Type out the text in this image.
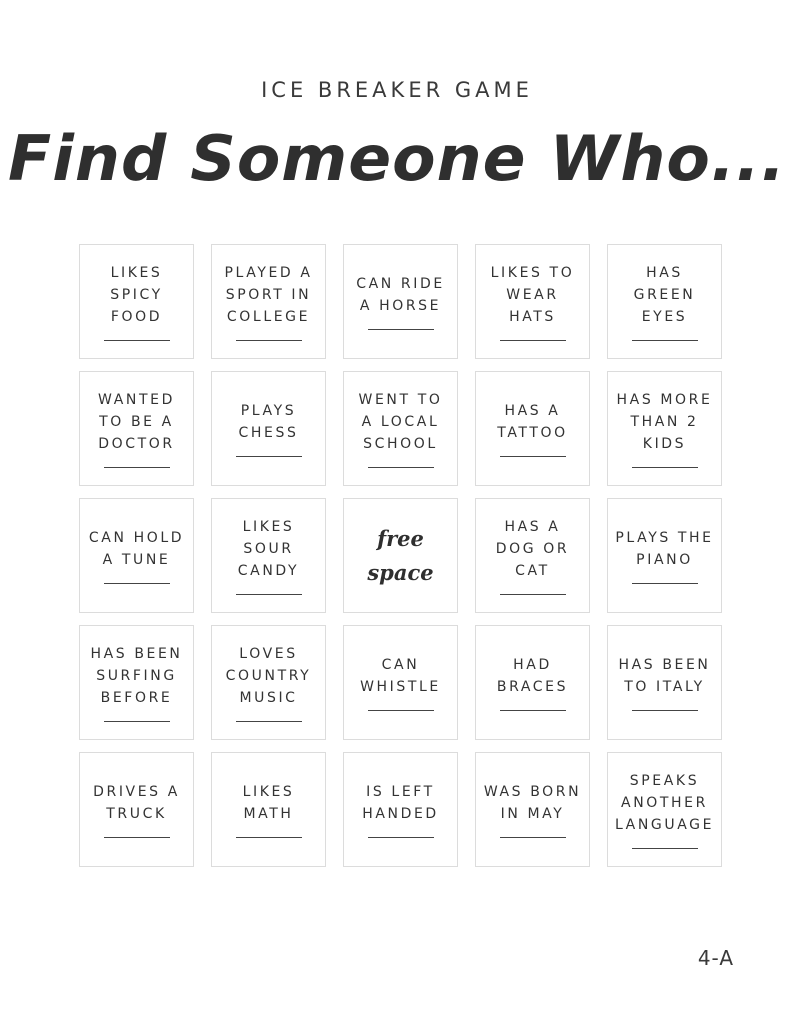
ICE BREAKER GAME
Find Someone Who...
LIKES
SPICY
FOOD
PLAYED A
SPORT IN
COLLEGE
CAN RIDE
A HORSE
LIKES TO
WEAR
HATS
HAS
GREEN
EYES
WANTED
TO BE A
DOCTOR
PLAYS
CHESS
WENT TO
A LOCAL
SCHOOL
HAS A
TATTOO
HAS MORE
THAN 2
KIDS
CAN HOLD
A TUNE
LIKES
SOUR
CANDY
free
space
HAS A
DOG OR
CAT
PLAYS THE
PIANO
HAS BEEN
SURFING
BEFORE
LOVES
COUNTRY
MUSIC
CAN
WHISTLE
HAD
BRACES
HAS BEEN
TO ITALY
DRIVES A
TRUCK
LIKES
MATH
IS LEFT
HANDED
WAS BORN
IN MAY
SPEAKS
ANOTHER
LANGUAGE
4-A
